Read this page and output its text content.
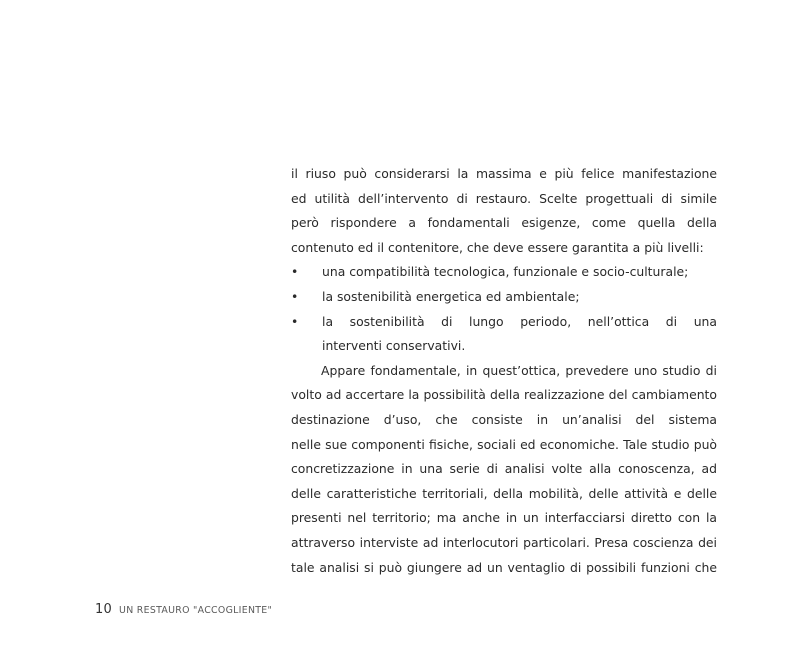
il riuso può considerarsi la massima e più felice manifestazione
ed utilità dell’intervento di restauro. Scelte progettuali di simile
però rispondere a fondamentali esigenze, come quella della
contenuto ed il contenitore, che deve essere garantita a più livelli:
• una compatibilità tecnologica, funzionale e socio-culturale;
• la sostenibilità energetica ed ambientale;
• la sostenibilità di lungo periodo, nell’ottica di una
interventi conservativi.
Appare fondamentale, in quest’ottica, prevedere uno studio di
volto ad accertare la possibilità della realizzazione del cambiamento
destinazione d’uso, che consiste in un’analisi del sistema
nelle sue componenti fisiche, sociali ed economiche. Tale studio può
concretizzazione in una serie di analisi volte alla conoscenza, ad
delle caratteristiche territoriali, della mobilità, delle attività e delle
presenti nel territorio; ma anche in un interfacciarsi diretto con la
attraverso interviste ad interlocutori particolari. Presa coscienza dei
tale analisi si può giungere ad un ventaglio di possibili funzioni che
10 UN RESTAURO "ACCOGLIENTE"
